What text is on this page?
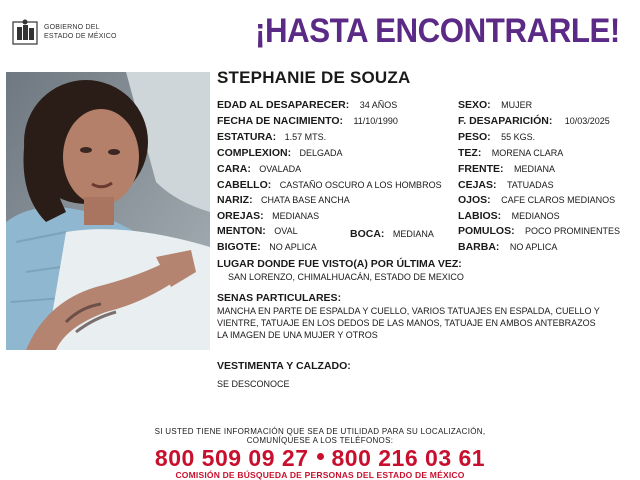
GOBIERNO DEL
ESTADO DE MÉXICO	¡HASTA ENCONTRARLE!
STEPHANIE DE SOUZA
EDAD AL DESAPARECER: 34 AÑOS
FECHA DE NACIMIENTO: 11/10/1990
ESTATURA: 1.57 MTS.
COMPLEXION: DELGADA
CARA: OVALADA
CABELLO: CASTAÑO OSCURO A LOS HOMBROS
NARIZ: CHATA BASE ANCHA
OREJAS: MEDIANAS
MENTON: OVAL	BOCA: MEDIANA
BIGOTE: NO APLICA
SEXO: MUJER
F. DESAPARICIÓN: 10/03/2025
PESO: 55 KGS.
TEZ: MORENA CLARA
FRENTE: MEDIANA
CEJAS: TATUADAS
OJOS: CAFE CLAROS MEDIANOS
LABIOS: MEDIANOS
POMULOS: POCO PROMINENTES
BARBA: NO APLICA
LUGAR DONDE FUE VISTO(A) POR ÚLTIMA VEZ:
SAN LORENZO, CHIMALHUACÁN, ESTADO DE MEXICO
SENAS PARTICULARES:
MANCHA EN PARTE DE ESPALDA Y CUELLO, VARIOS TATUAJES EN ESPALDA, CUELLO Y
VIENTRE, TATUAJE EN LOS DEDOS DE LAS MANOS, TATUAJE EN AMBOS ANTEBRAZOS
LA IMAGEN DE UNA MUJER Y OTROS
VESTIMENTA Y CALZADO:
SE DESCONOCE
SI USTED TIENE INFORMACIÓN QUE SEA DE UTILIDAD PARA SU LOCALIZACIÓN,
COMUNÍQUESE A LOS TELÉFONOS:
800 509 09 27 800 216 03 61
COMISIÓN DE BÚSQUEDA DE PERSONAS DEL ESTADO DE MÉXICO
